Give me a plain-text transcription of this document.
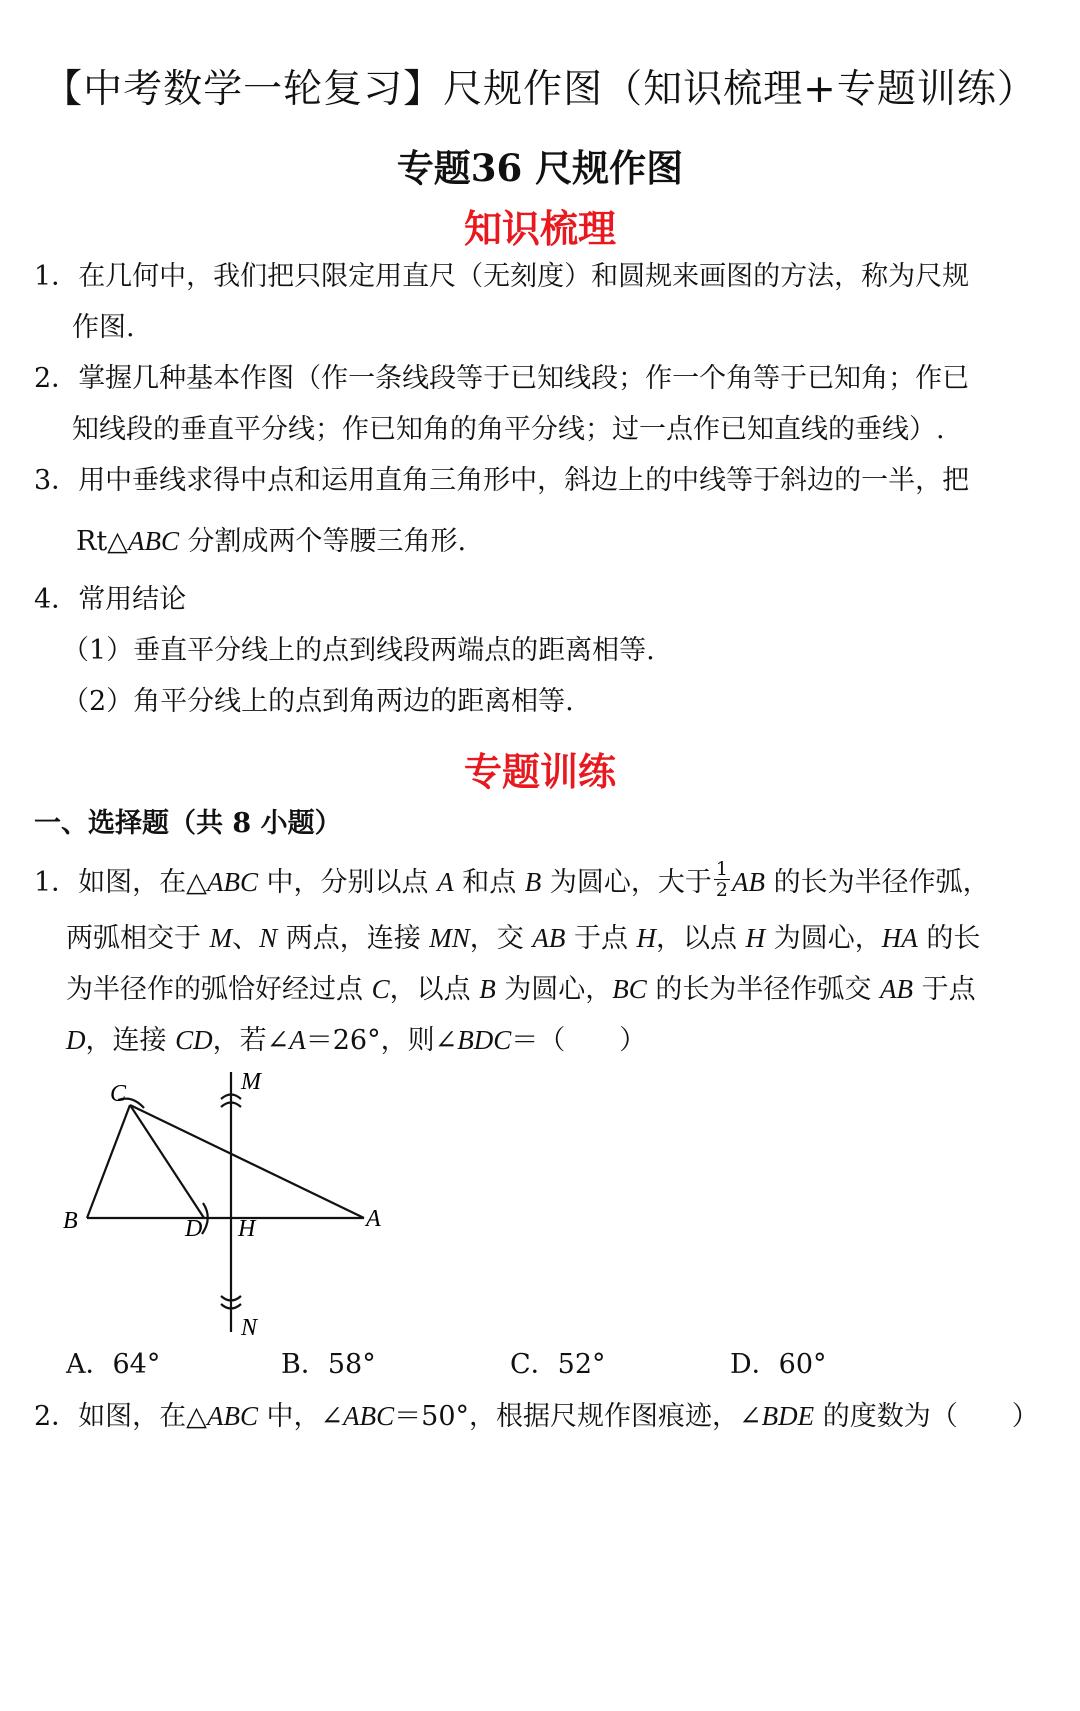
【中考数学一轮复习】尺规作图（知识梳理+专题训练）
专题36 尺规作图
知识梳理
1．在几何中，我们把只限定用直尺（无刻度）和圆规来画图的方法，称为尺规
作图.
2．掌握几种基本作图（作一条线段等于已知线段；作一个角等于已知角；作已
知线段的垂直平分线；作已知角的角平分线；过一点作已知直线的垂线）.
3．用中垂线求得中点和运用直角三角形中，斜边上的中线等于斜边的一半，把
Rt△ABC 分割成两个等腰三角形.
4．常用结论
（1）垂直平分线上的点到线段两端点的距离相等.
（2）角平分线上的点到角两边的距离相等.
专题训练
一、选择题（共 8 小题）
1．如图，在△ABC 中，分别以点 A 和点 B 为圆心，大于 $\frac{1}{2}$ AB 的长为半径作弧，
两弧相交于 M、N 两点，连接 MN，交 AB 于点 H，以点 H 为圆心，HA 的长
为半径作的弧恰好经过点 C，以点 B 为圆心，BC 的长为半径作弧交 AB 于点
D，连接 CD，若∠A＝26°，则∠BDC＝（　　）
C	M
B	D H	A
N
A．64°	B．58°	C．52°	D．60°
2．如图，在△ABC 中，∠ABC＝50°，根据尺规作图痕迹，∠BDE 的度数为（　　）
